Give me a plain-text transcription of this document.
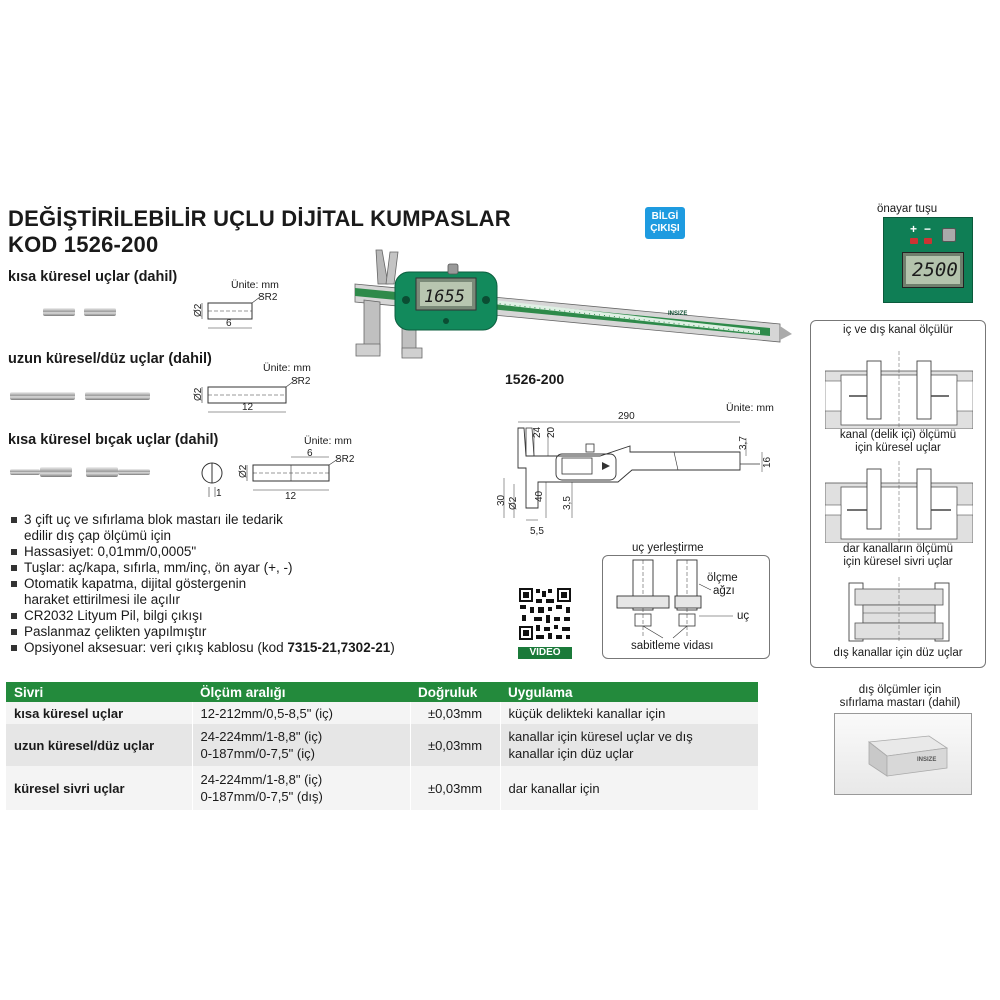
DEĞİŞTİRİLEBİLİR UÇLU DİJİTAL KUMPASLAR
KOD 1526-200
BİLGİ
ÇIKIŞI
kısa küresel uçlar (dahil)	Ünite: mm
Ø2
6
SR2
uzun küresel/düz uçlar (dahil)
Ünite: mm
Ø2
12
SR2
kısa küresel bıçak uçlar (dahil)	Ünite: mm
1
Ø2
6
12
SR2
1655
INSIZE
1526-200
Ünite: mm
290
24 20
3,7
16
30 Ø2
40 3,5
5,5
önayar tuşu
+ −
2500
uç yerleştirme
ölçme
ağzı
uç
sabitleme vidası
VIDEO
3 çift uç ve sıfırlama blok mastarı ile tedarik
edilir dış çap ölçümü için
Hassasiyet: 0,01mm/0,0005"
Tuşlar: aç/kapa, sıfırla, mm/inç, ön ayar (+, -)
Otomatik kapatma, dijital göstergenin
haraket ettirilmesi ile açılır
CR2032 Lityum Pil, bilgi çıkışı
Paslanmaz çelikten yapılmıştır
Opsiyonel aksesuar: veri çıkış kablosu (kod 7315-21,7302-21)
Sivri	Ölçüm aralığı	Doğruluk	Uygulama
kısa küresel uçlar	12-212mm/0,5-8,5" (iç)	±0,03mm	küçük delikteki kanallar için

uzun küresel/düz uçlar	24-224mm/1-8,8" (iç)
0-187mm/0-7,5" (iç)	±0,03mm	kanallar için küresel uçlar ve dış
kanallar için düz uçlar

küresel sivri uçlar	24-224mm/1-8,8" (iç)
0-187mm/0-7,5" (dış)	±0,03mm	dar kanallar için
iç ve dış kanal ölçülür
kanal (delik içi) ölçümü
için küresel uçlar
dar kanalların ölçümü
için küresel sivri uçlar
dış kanallar için düz uçlar
dış ölçümler için
sıfırlama mastarı (dahil)
INSIZE
